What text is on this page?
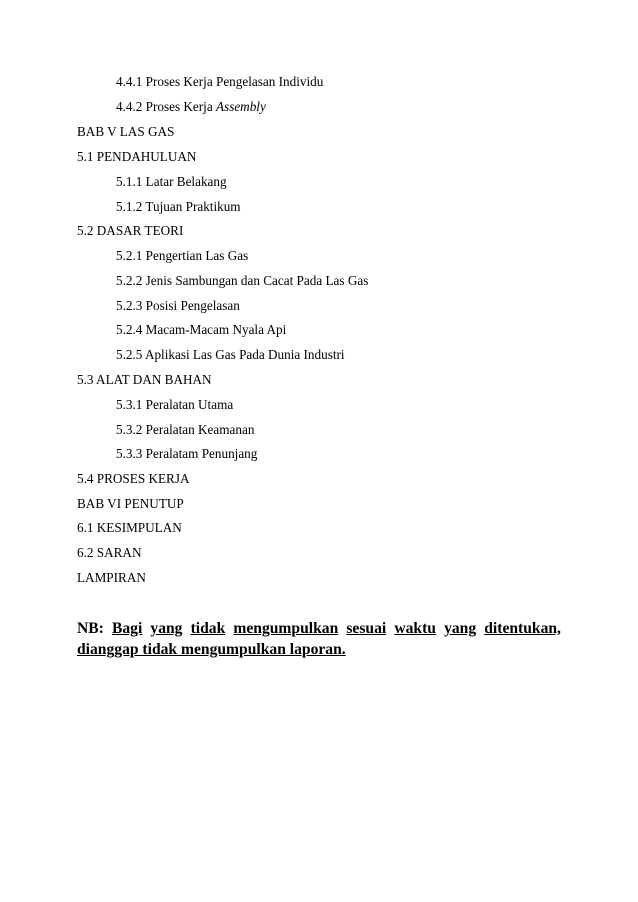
4.4.1 Proses Kerja Pengelasan Individu
4.4.2 Proses Kerja Assembly
BAB V LAS GAS
5.1 PENDAHULUAN
5.1.1 Latar Belakang
5.1.2 Tujuan Praktikum
5.2 DASAR TEORI
5.2.1 Pengertian Las Gas
5.2.2 Jenis Sambungan dan Cacat Pada Las Gas
5.2.3 Posisi Pengelasan
5.2.4 Macam-Macam Nyala Api
5.2.5 Aplikasi Las Gas Pada Dunia Industri
5.3 ALAT DAN BAHAN
5.3.1 Peralatan Utama
5.3.2 Peralatan Keamanan
5.3.3 Peralatam Penunjang
5.4 PROSES KERJA
BAB VI PENUTUP
6.1 KESIMPULAN
6.2 SARAN
LAMPIRAN
NB: Bagi yang tidak mengumpulkan sesuai waktu yang ditentukan,
dianggap tidak mengumpulkan laporan.
